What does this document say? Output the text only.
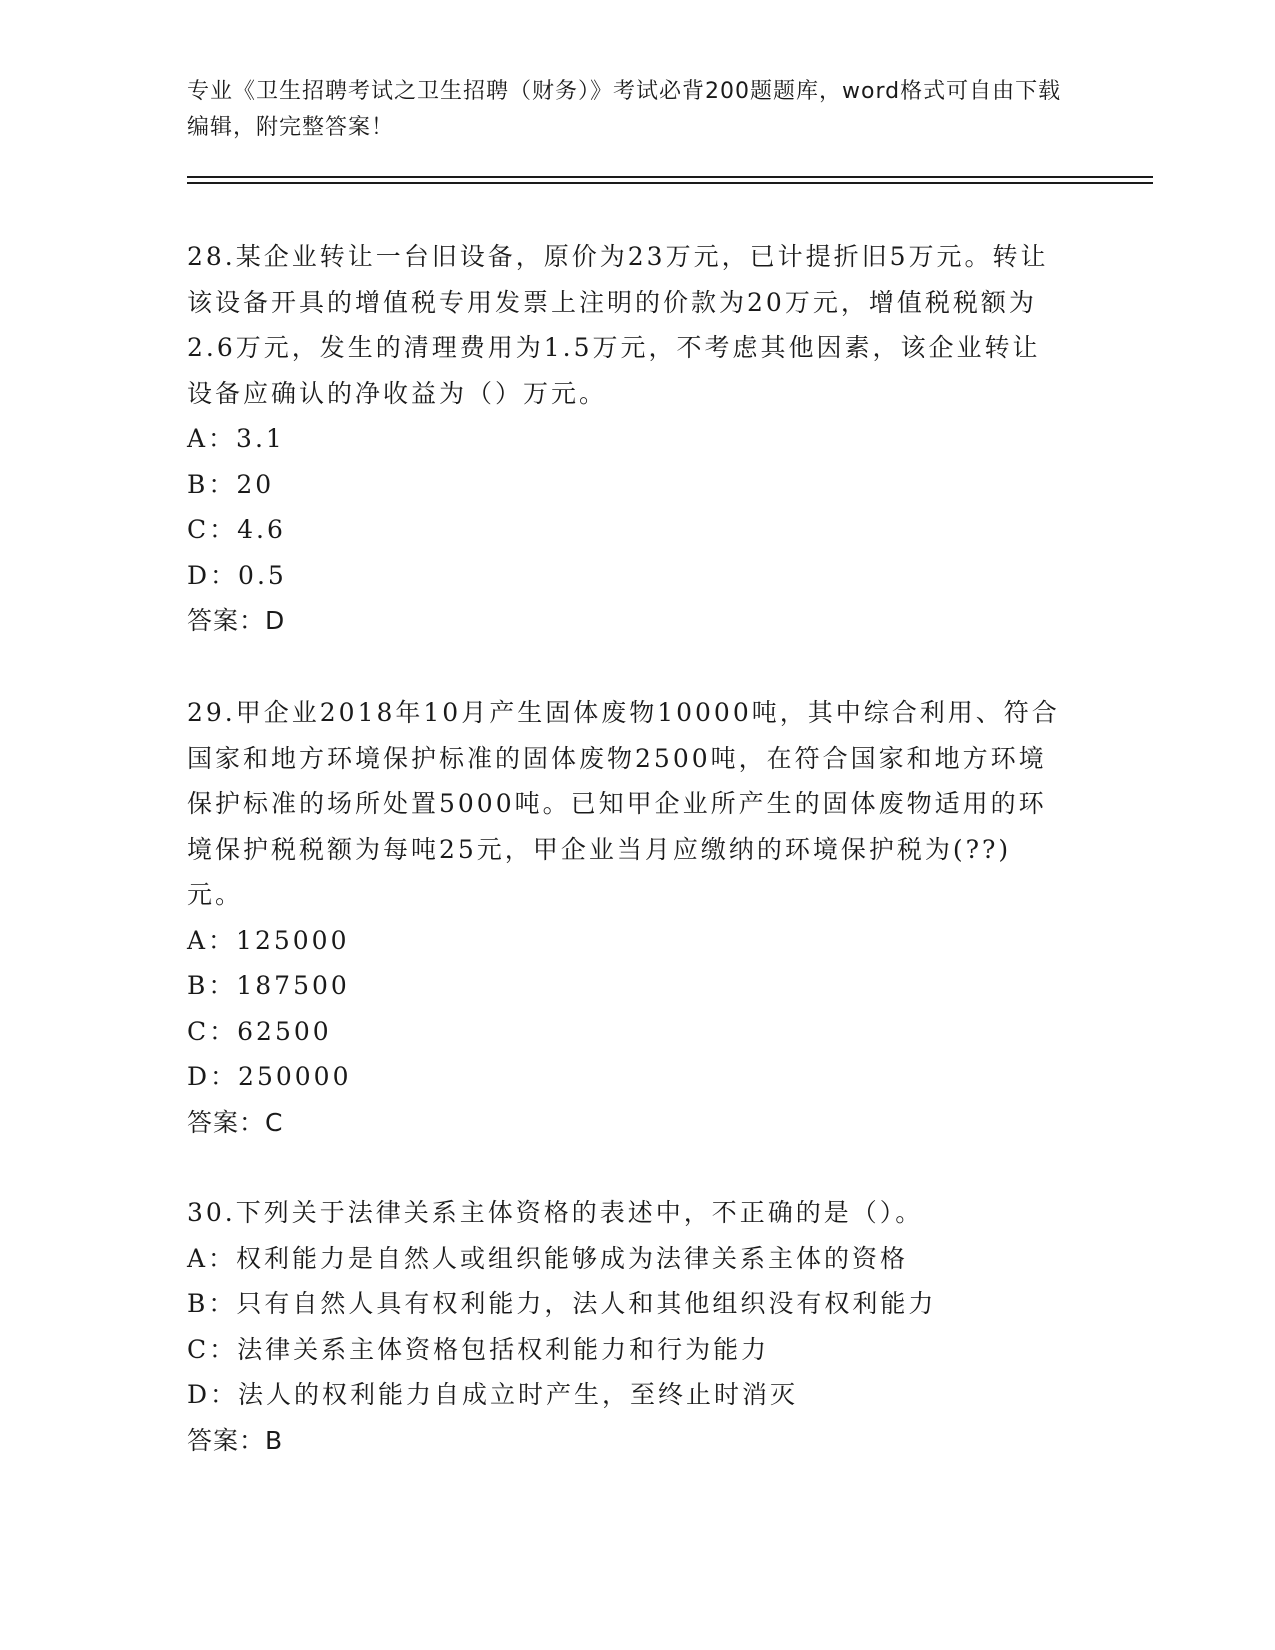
专业《卫生招聘考试之卫生招聘（财务）》考试必背200题题库，word格式可自由下载编辑，附完整答案！
28.某企业转让一台旧设备，原价为23万元，已计提折旧5万元。转让该设备开具的增值税专用发票上注明的价款为20万元，增值税税额为2.6万元，发生的清理费用为1.5万元，不考虑其他因素，该企业转让设备应确认的净收益为（）万元。
A：3.1
B：20
C：4.6
D：0.5
答案：D
29.甲企业2018年10月产生固体废物10000吨，其中综合利用、符合国家和地方环境保护标准的固体废物2500吨，在符合国家和地方环境保护标准的场所处置5000吨。已知甲企业所产生的固体废物适用的环境保护税税额为每吨25元，甲企业当月应缴纳的环境保护税为(??)元。
A：125000
B：187500
C：62500
D：250000
答案：C
30.下列关于法律关系主体资格的表述中，不正确的是（）。
A：权利能力是自然人或组织能够成为法律关系主体的资格
B：只有自然人具有权利能力，法人和其他组织没有权利能力
C：法律关系主体资格包括权利能力和行为能力
D：法人的权利能力自成立时产生，至终止时消灭
答案：B
